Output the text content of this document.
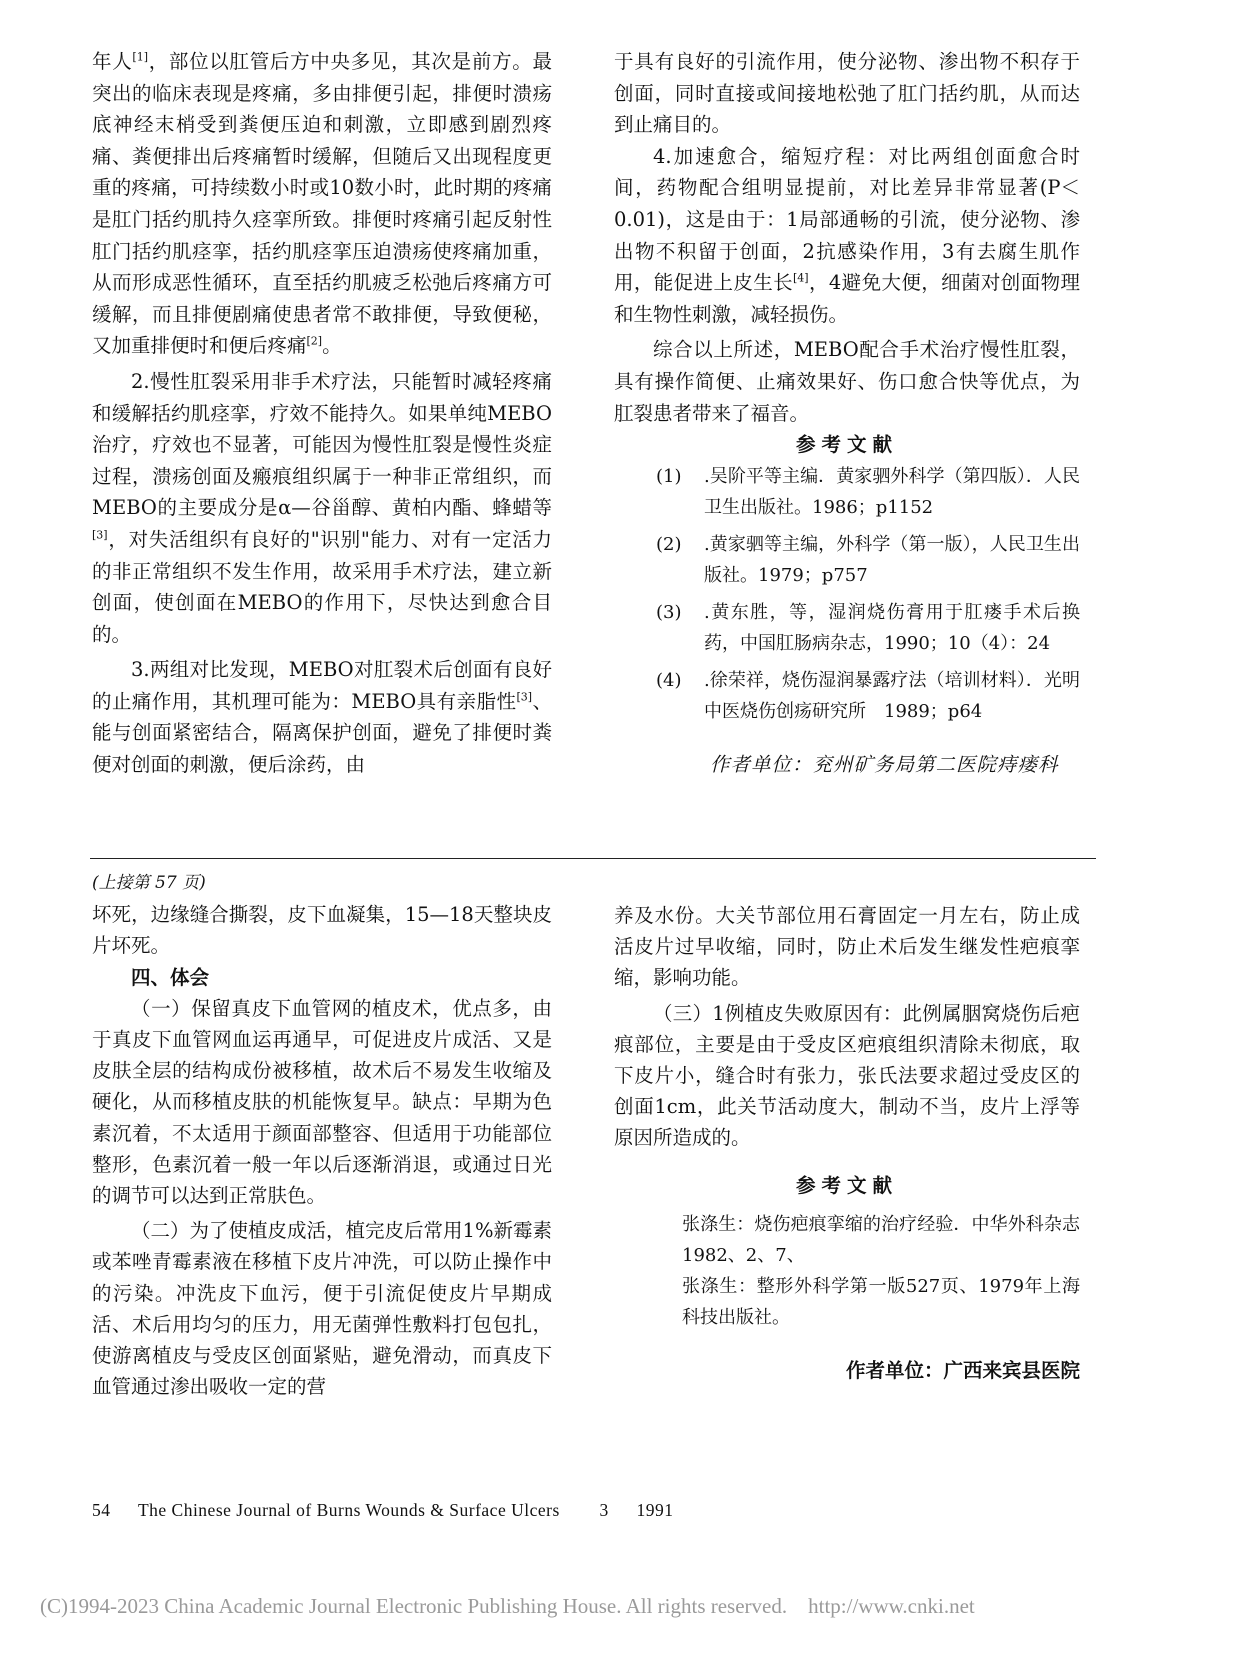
年人[1]，部位以肛管后方中央多见，其次是前方。最突出的临床表现是疼痛，多由排便引起，排便时溃疡底神经末梢受到粪便压迫和刺激，立即感到剧烈疼痛、粪便排出后疼痛暂时缓解，但随后又出现程度更重的疼痛，可持续数小时或10数小时，此时期的疼痛是肛门括约肌持久痉挛所致。排便时疼痛引起反射性肛门括约肌痉挛，括约肌痉挛压迫溃疡使疼痛加重，从而形成恶性循环，直至括约肌疲乏松弛后疼痛方可缓解，而且排便剧痛使患者常不敢排便，导致便秘，又加重排便时和便后疼痛[2]。

2.慢性肛裂采用非手术疗法，只能暂时减轻疼痛和缓解括约肌痉挛，疗效不能持久。如果单纯MEBO治疗，疗效也不显著，可能因为慢性肛裂是慢性炎症过程，溃疡创面及瘢痕组织属于一种非正常组织，而MEBO的主要成分是α—谷甾醇、黄柏内酯、蜂蜡等[3]，对失活组织有良好的"识别"能力、对有一定活力的非正常组织不发生作用，故采用手术疗法，建立新创面，使创面在MEBO的作用下，尽快达到愈合目的。

3.两组对比发现，MEBO对肛裂术后创面有良好的止痛作用，其机理可能为：MEBO具有亲脂性[3]、能与创面紧密结合，隔离保护创面，避免了排便时粪便对创面的刺激，便后涂药，由

于具有良好的引流作用，使分泌物、渗出物不积存于创面，同时直接或间接地松弛了肛门括约肌，从而达到止痛目的。

4.加速愈合，缩短疗程：对比两组创面愈合时间，药物配合组明显提前，对比差异非常显著(P＜0.01)，这是由于：1局部通畅的引流，使分泌物、渗出物不积留于创面，2抗感染作用，3有去腐生肌作用，能促进上皮生长[4]，4避免大便，细菌对创面物理和生物性刺激，减轻损伤。

综合以上所述，MEBO配合手术治疗慢性肛裂，具有操作简便、止痛效果好、伤口愈合快等优点，为肛裂患者带来了福音。

参考文献

(1)	.吴阶平等主编．黄家驷外科学（第四版）．人民卫生出版社。1986；p1152
(2)	.黄家驷等主编，外科学（第一版），人民卫生出版社。1979；p757
(3)	.黄东胜，等，湿润烧伤膏用于肛瘘手术后换药，中国肛肠病杂志，1990；10（4）：24
(4)	.徐荣祥，烧伤湿润暴露疗法（培训材料）．光明中医烧伤创疡研究所　1989；p64

作者单位：兖州矿务局第二医院痔瘘科

(上接第 57 页)

坏死，边缘缝合撕裂，皮下血凝集，15—18天整块皮片坏死。

四、体会

（一）保留真皮下血管网的植皮术，优点多，由于真皮下血管网血运再通早，可促进皮片成活、又是皮肤全层的结构成份被移植，故术后不易发生收缩及硬化，从而移植皮肤的机能恢复早。缺点：早期为色素沉着，不太适用于颜面部整容、但适用于功能部位整形，色素沉着一般一年以后逐渐消退，或通过日光的调节可以达到正常肤色。

（二）为了使植皮成活，植完皮后常用1%新霉素或苯唑青霉素液在移植下皮片冲洗，可以防止操作中的污染。冲洗皮下血污，便于引流促使皮片早期成活、术后用均匀的压力，用无菌弹性敷料打包包扎，使游离植皮与受皮区创面紧贴，避免滑动，而真皮下血管通过渗出吸收一定的营

养及水份。大关节部位用石膏固定一月左右，防止成活皮片过早收缩，同时，防止术后发生继发性疤痕挛缩，影响功能。

（三）1例植皮失败原因有：此例属胭窝烧伤后疤痕部位，主要是由于受皮区疤痕组织清除未彻底，取下皮片小，缝合时有张力，张氏法要求超过受皮区的创面1cm，此关节活动度大，制动不当，皮片上浮等原因所造成的。

参考文献

张涤生：烧伤疤痕挛缩的治疗经验．中华外科杂志1982、2、7、

张涤生：整形外科学第一版527页、1979年上海科技出版社。

作者单位：广西来宾县医院

54 The Chinese Journal of Burns Wounds & Surface Ulcers 3 1991
(C)1994-2023 China Academic Journal Electronic Publishing House. All rights reserved.　http://www.cnki.net
